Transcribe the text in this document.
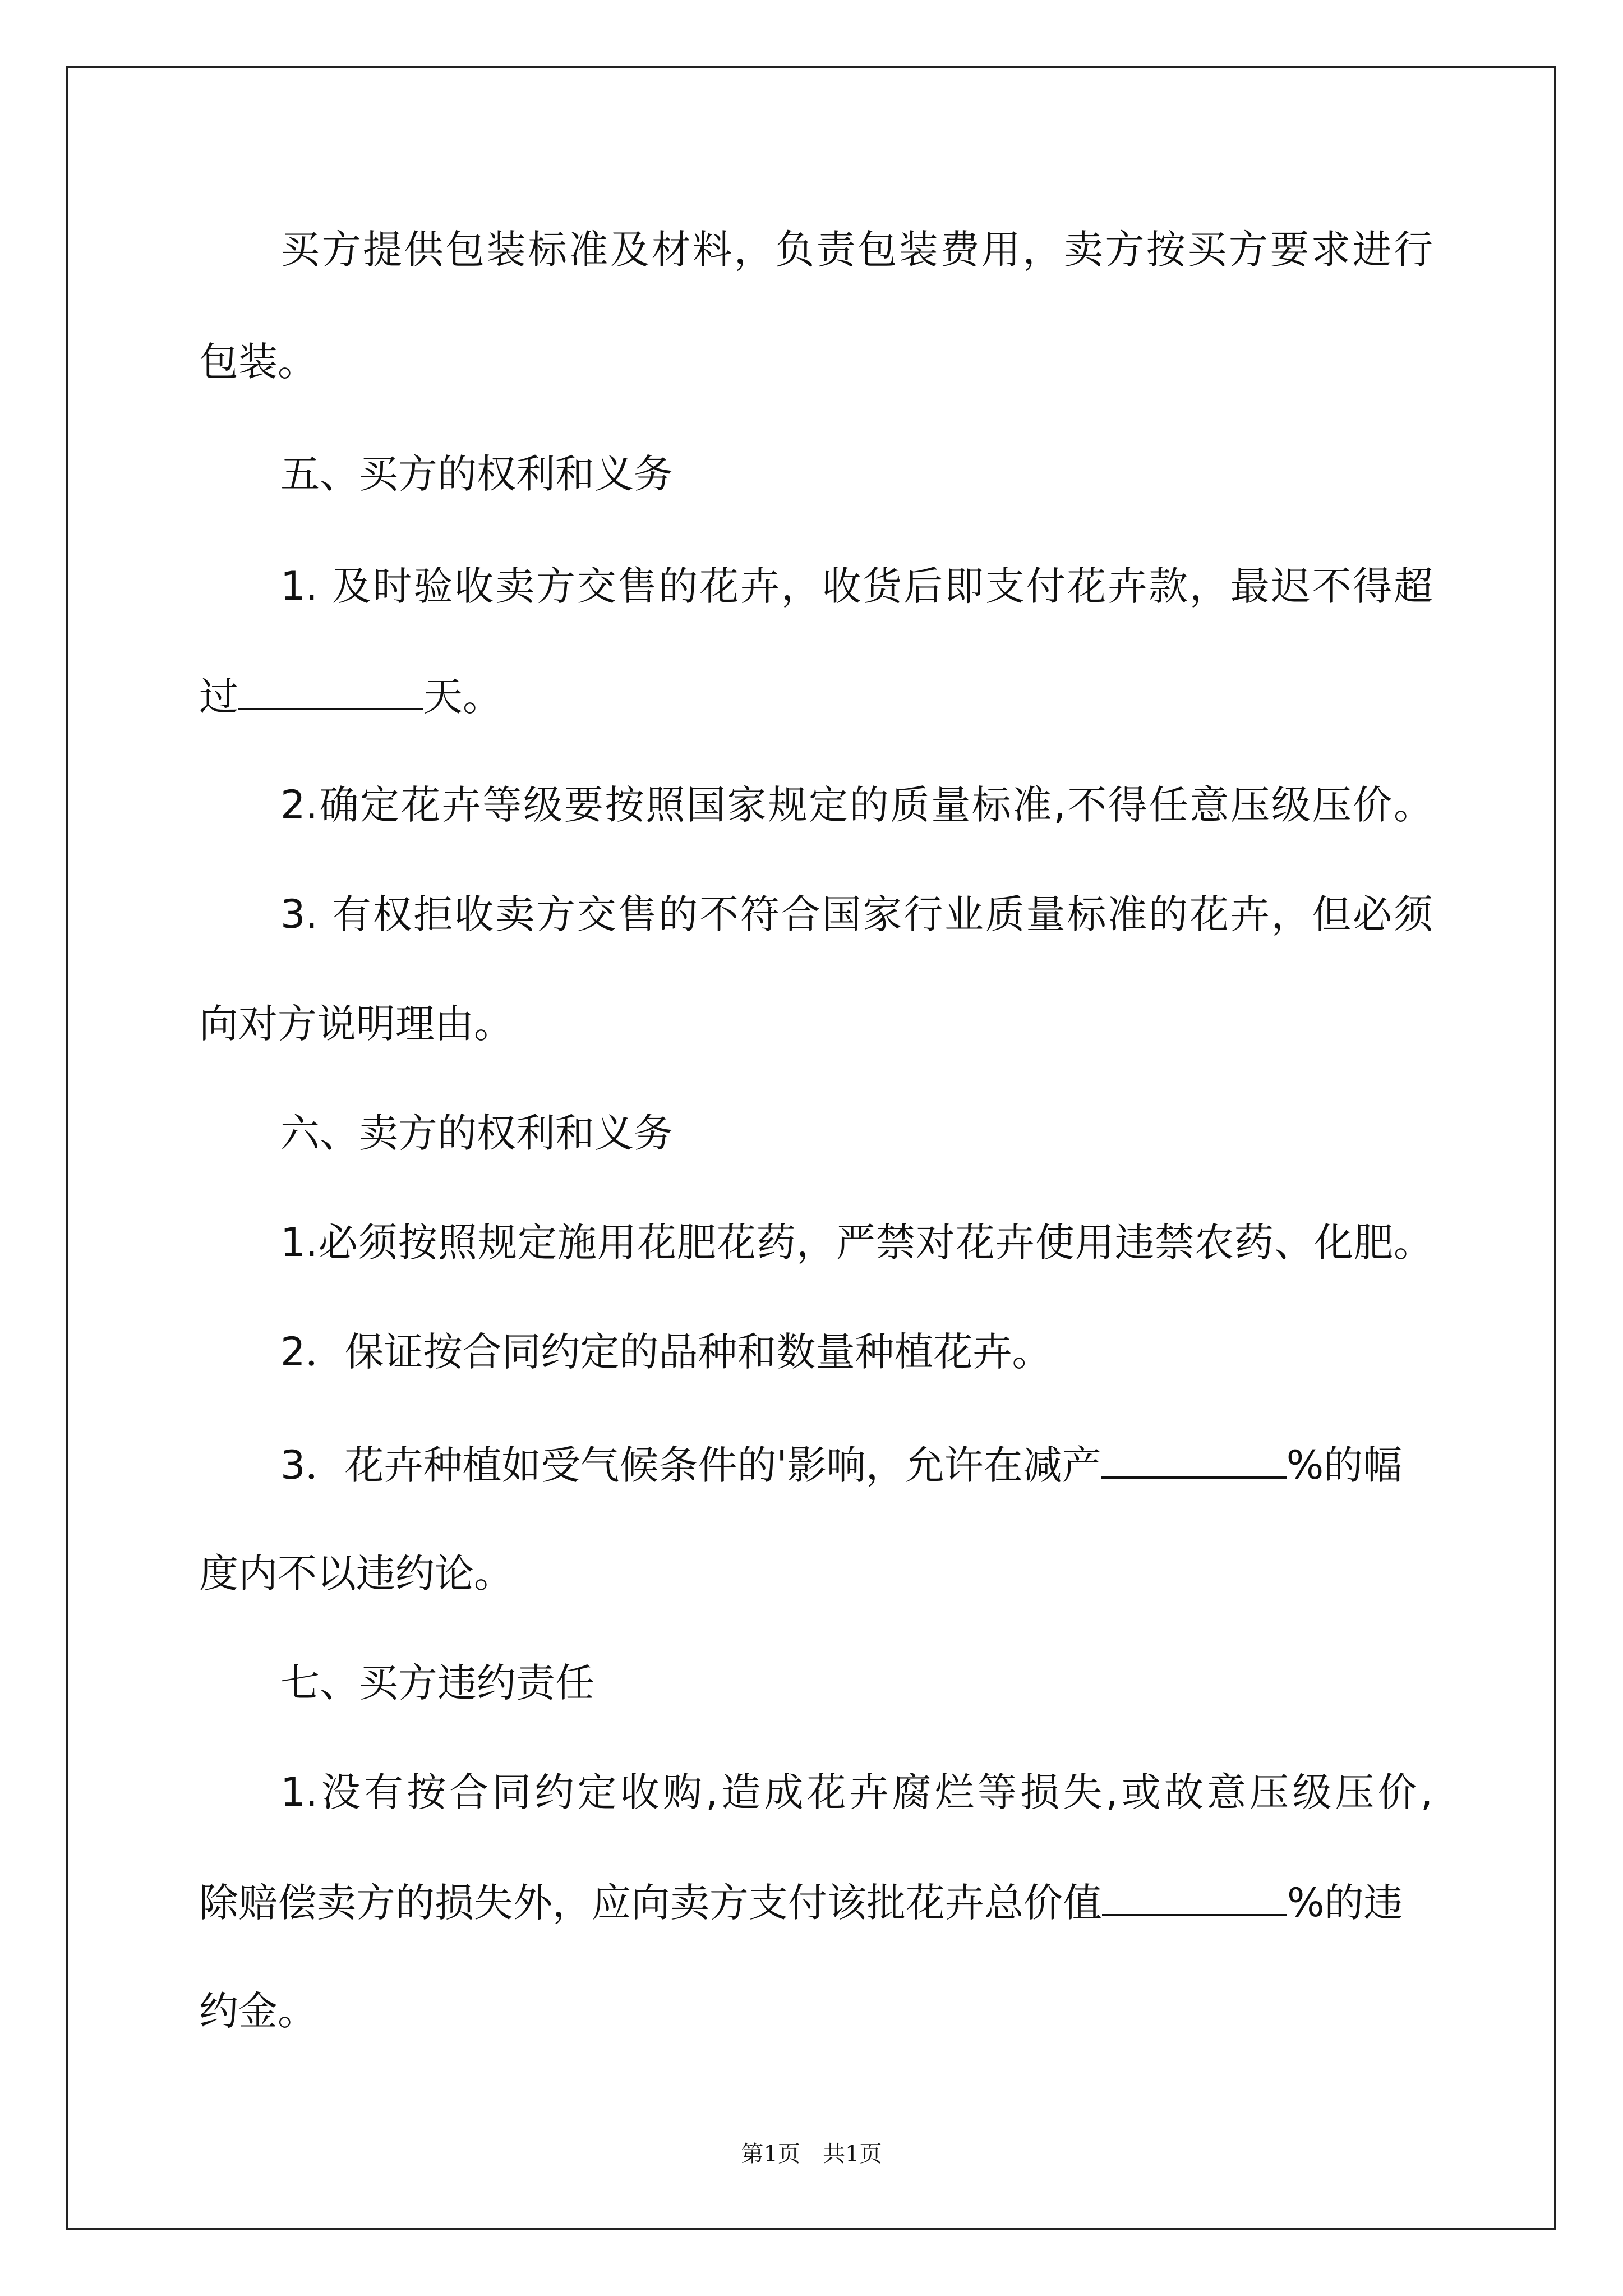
买方提供包装标准及材料，负责包装费用，卖方按买方要求进行
包装。
五、买方的权利和义务
1. 及时验收卖方交售的花卉，收货后即支付花卉款，最迟不得超
过	天。
2.确定花卉等级要按照国家规定的质量标准,不得任意压级压价。
3. 有权拒收卖方交售的不符合国家行业质量标准的花卉，但必须
向对方说明理由。
六、卖方的权利和义务
1.必须按照规定施用花肥花药，严禁对花卉使用违禁农药、化肥。
2．保证按合同约定的品种和数量种植花卉。
3．花卉种植如受气候条件的'影响，允许在减产	%的幅
度内不以违约论。
七、买方违约责任
1.没有按合同约定收购,造成花卉腐烂等损失,或故意压级压价,
除赔偿卖方的损失外，应向卖方支付该批花卉总价值	%的违
约金。
第1页　共1页
